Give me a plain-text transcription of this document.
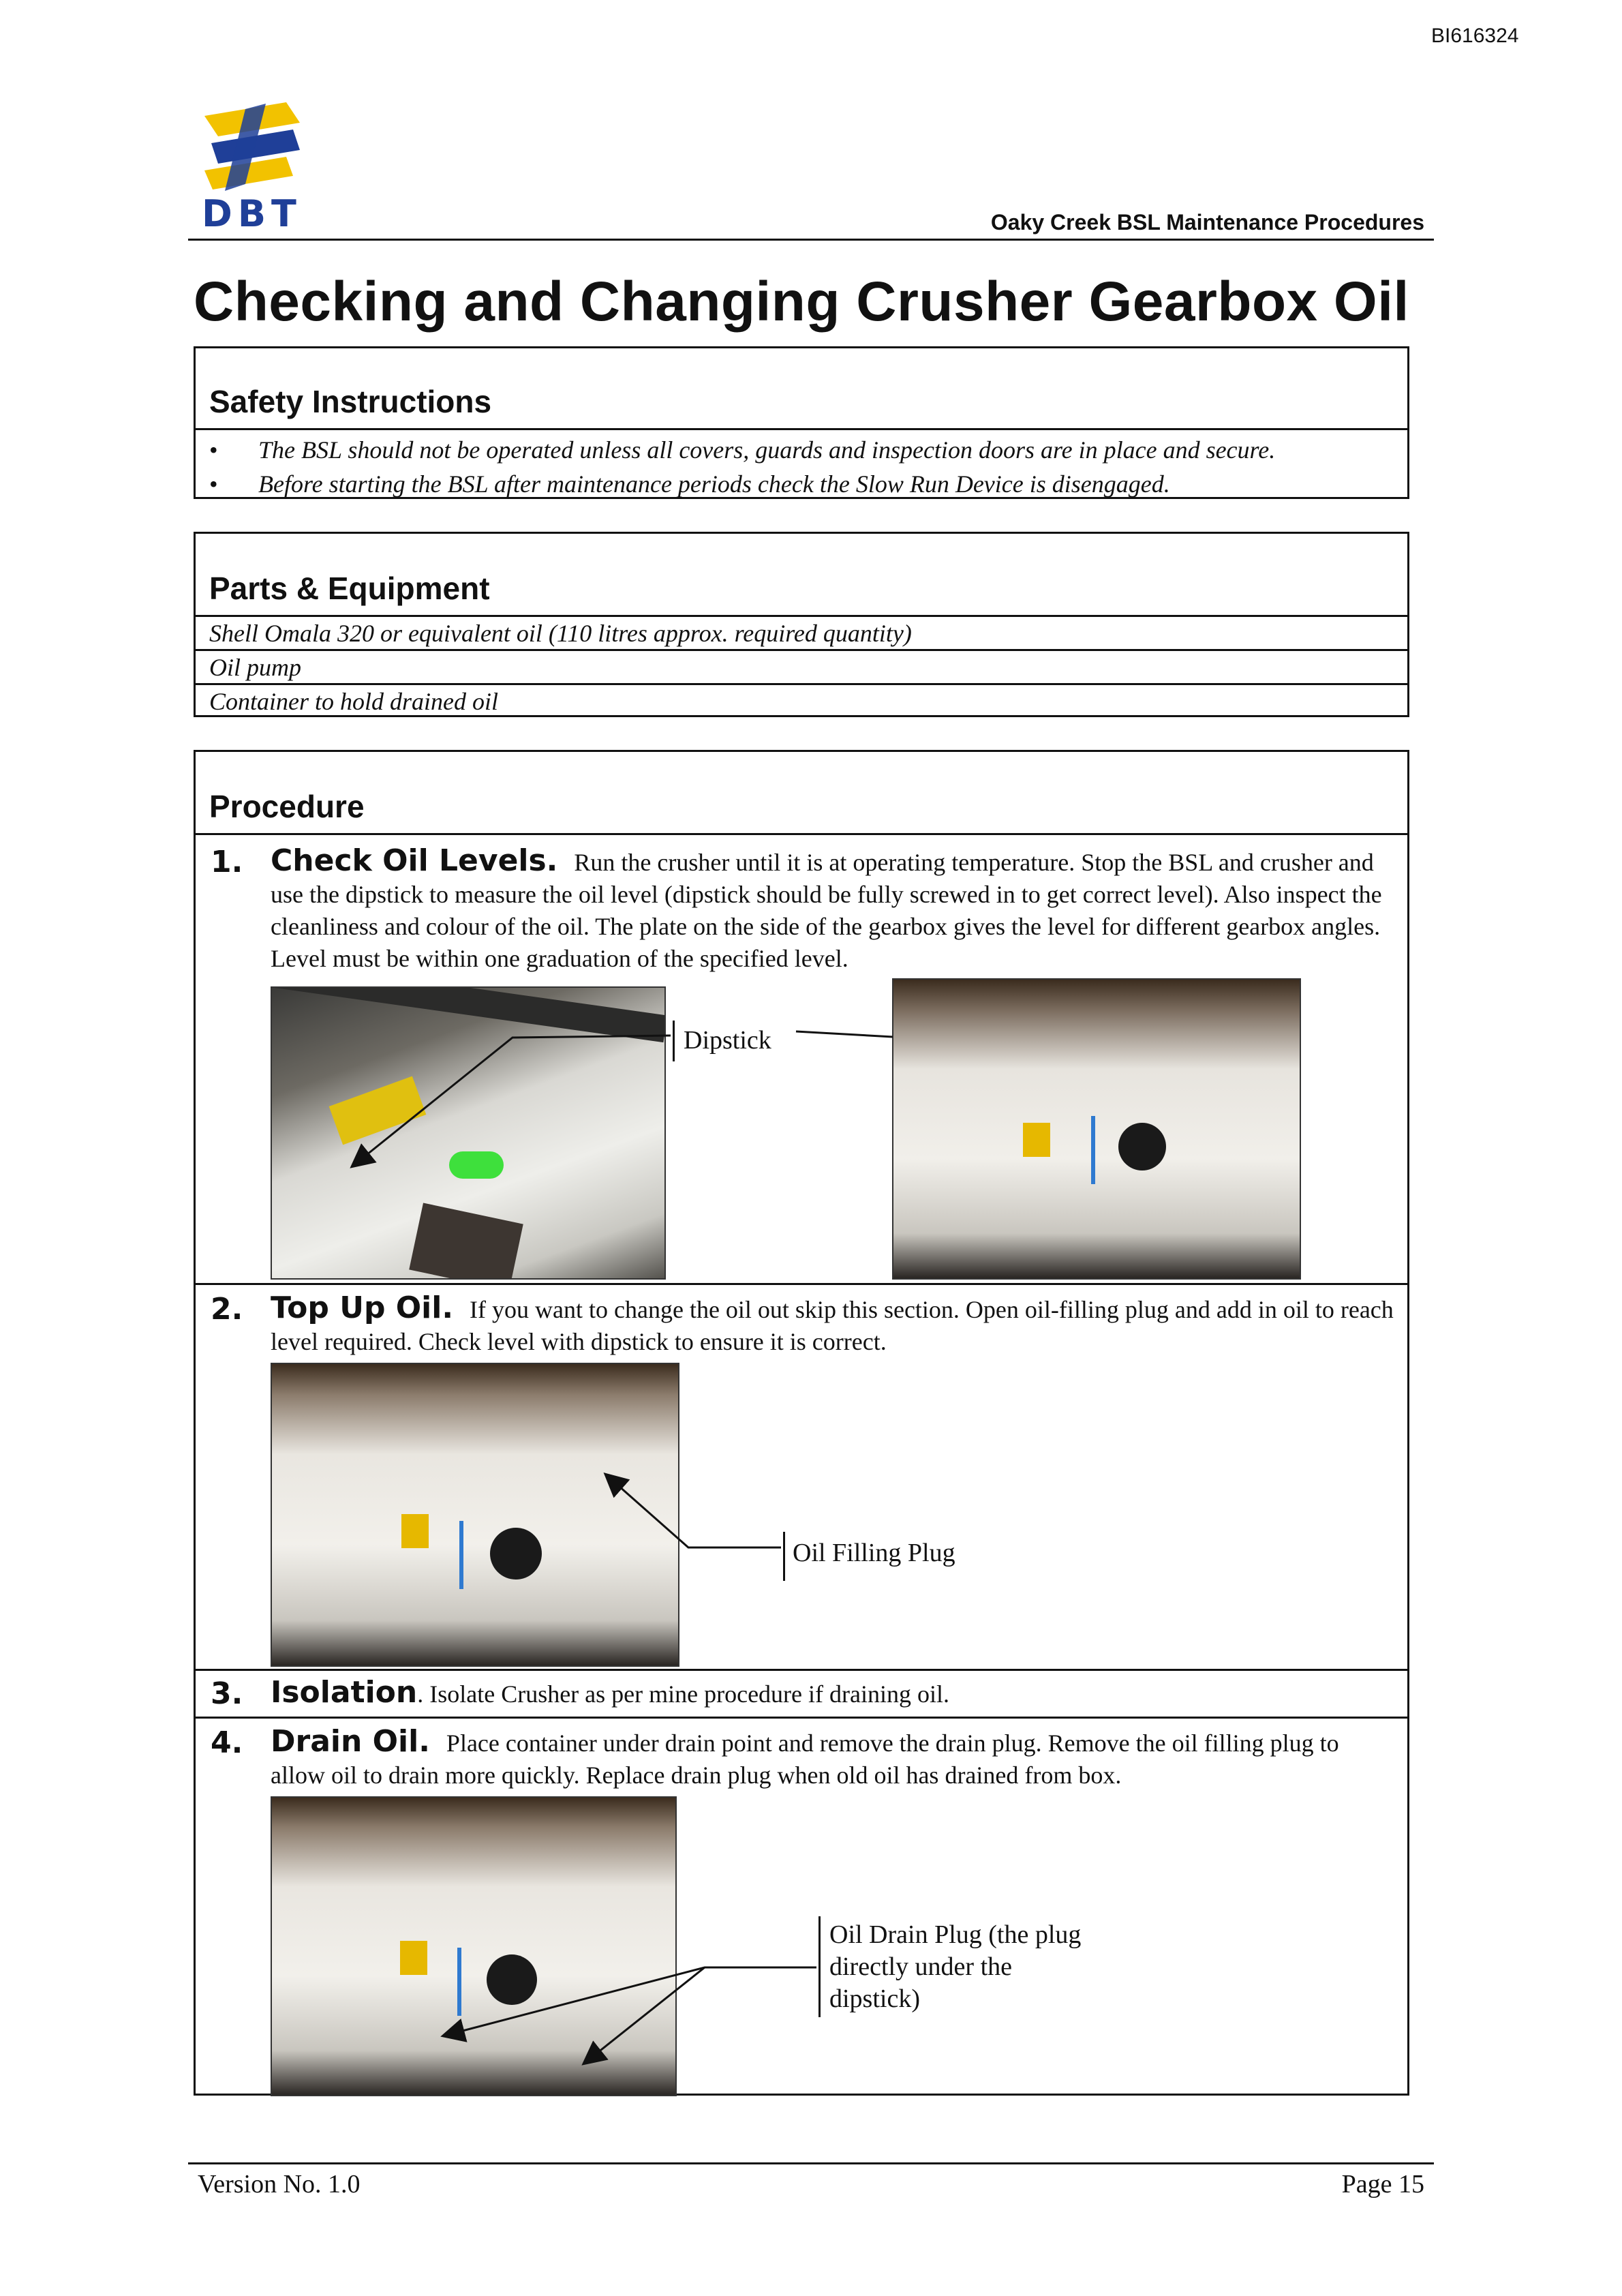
BI616324
DBT	Oaky Creek BSL Maintenance Procedures
Checking and Changing Crusher Gearbox Oil
Safety Instructions
•	The BSL should not be operated unless all covers, guards and inspection doors are in place and secure.
•	Before starting the BSL after maintenance periods check the Slow Run Device is disengaged.
Parts & Equipment
Shell Omala 320 or equivalent oil (110 litres approx. required quantity)
Oil pump
Container to hold drained oil
Procedure
1. Check Oil Levels. Run the crusher until it is at operating temperature. Stop the BSL and crusher and use the dipstick to measure the oil level (dipstick should be fully screwed in to get correct level). Also inspect the cleanliness and colour of the oil. The plate on the side of the gearbox gives the level for different gearbox angles. Level must be within one graduation of the specified level.
Dipstick
2. Top Up Oil. If you want to change the oil out skip this section. Open oil-filling plug and add in oil to reach level required. Check level with dipstick to ensure it is correct.
Oil Filling Plug
3. Isolation. Isolate Crusher as per mine procedure if draining oil.
4. Drain Oil. Place container under drain point and remove the drain plug. Remove the oil filling plug to allow oil to drain more quickly. Replace drain plug when old oil has drained from box.
Oil Drain Plug (the plug
directly under the
dipstick)
Version No. 1.0	Page 15
